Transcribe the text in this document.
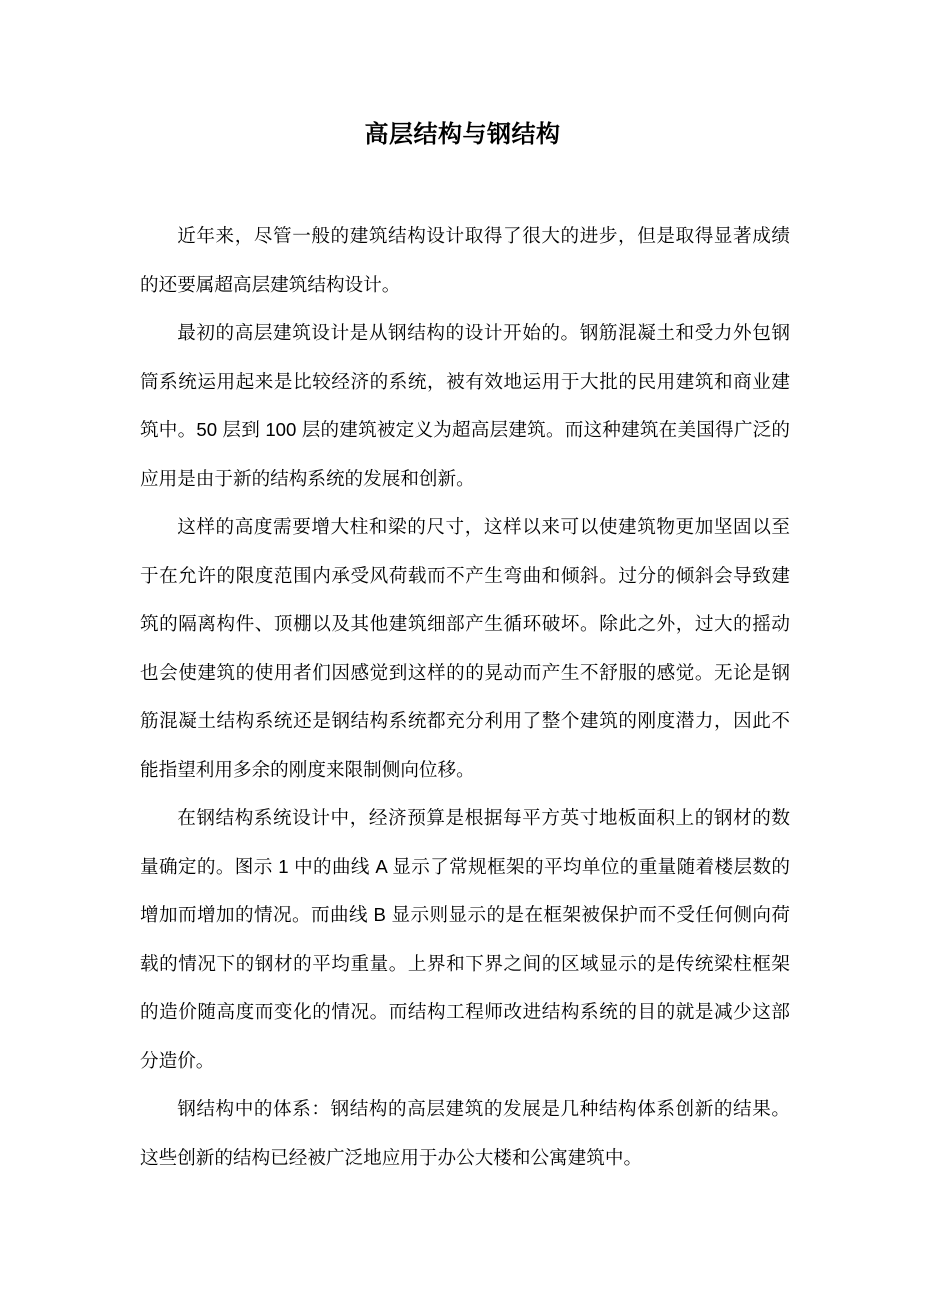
高层结构与钢结构

近年来，尽管一般的建筑结构设计取得了很大的进步，但是取得显著成绩的还要属超高层建筑结构设计。

最初的高层建筑设计是从钢结构的设计开始的。钢筋混凝土和受力外包钢筒系统运用起来是比较经济的系统，被有效地运用于大批的民用建筑和商业建筑中。50 层到 100 层的建筑被定义为超高层建筑。而这种建筑在美国得广泛的应用是由于新的结构系统的发展和创新。

这样的高度需要增大柱和梁的尺寸，这样以来可以使建筑物更加坚固以至于在允许的限度范围内承受风荷载而不产生弯曲和倾斜。过分的倾斜会导致建筑的隔离构件、顶棚以及其他建筑细部产生循环破坏。除此之外，过大的摇动也会使建筑的使用者们因感觉到这样的的晃动而产生不舒服的感觉。无论是钢筋混凝土结构系统还是钢结构系统都充分利用了整个建筑的刚度潜力，因此不能指望利用多余的刚度来限制侧向位移。

在钢结构系统设计中，经济预算是根据每平方英寸地板面积上的钢材的数量确定的。图示 1 中的曲线 A 显示了常规框架的平均单位的重量随着楼层数的增加而增加的情况。而曲线 B 显示则显示的是在框架被保护而不受任何侧向荷载的情况下的钢材的平均重量。上界和下界之间的区域显示的是传统梁柱框架的造价随高度而变化的情况。而结构工程师改进结构系统的目的就是减少这部分造价。

钢结构中的体系：钢结构的高层建筑的发展是几种结构体系创新的结果。这些创新的结构已经被广泛地应用于办公大楼和公寓建筑中。
